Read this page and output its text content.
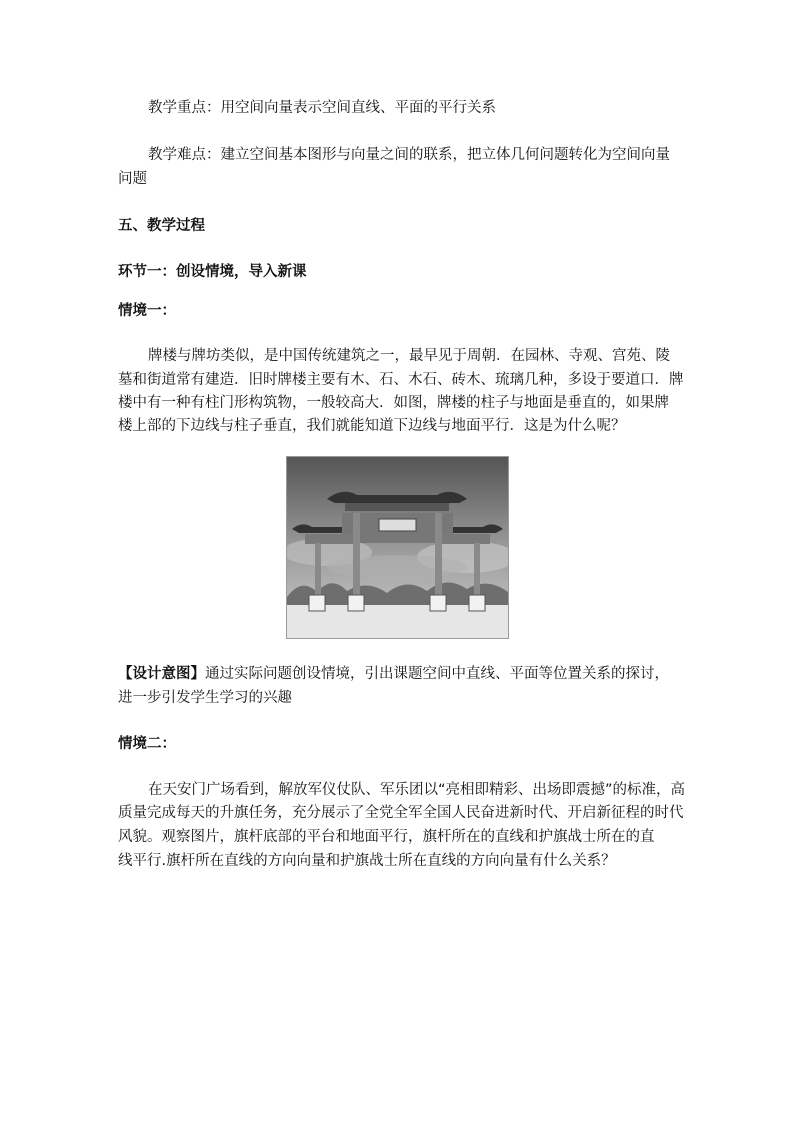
教学重点：用空间向量表示空间直线、平面的平行关系
教学难点：建立空间基本图形与向量之间的联系，把立体几何问题转化为空间向量
问题
五、教学过程
环节一：创设情境，导入新课
情境一：
牌楼与牌坊类似，是中国传统建筑之一，最早见于周朝．在园林、寺观、宫苑、陵
墓和街道常有建造．旧时牌楼主要有木、石、木石、砖木、琉璃几种，多设于要道口．牌
楼中有一种有柱门形构筑物，一般较高大．如图，牌楼的柱子与地面是垂直的，如果牌
楼上部的下边线与柱子垂直，我们就能知道下边线与地面平行．这是为什么呢？
【设计意图】通过实际问题创设情境，引出课题空间中直线、平面等位置关系的探讨，
进一步引发学生学习的兴趣
情境二：
在天安门广场看到，解放军仪仗队、军乐团以“亮相即精彩、出场即震撼”的标准，高
质量完成每天的升旗任务，充分展示了全党全军全国人民奋进新时代、开启新征程的时代
风貌。观察图片，旗杆底部的平台和地面平行，旗杆所在的直线和护旗战士所在的直
线平行.旗杆所在直线的方向向量和护旗战士所在直线的方向向量有什么关系？
